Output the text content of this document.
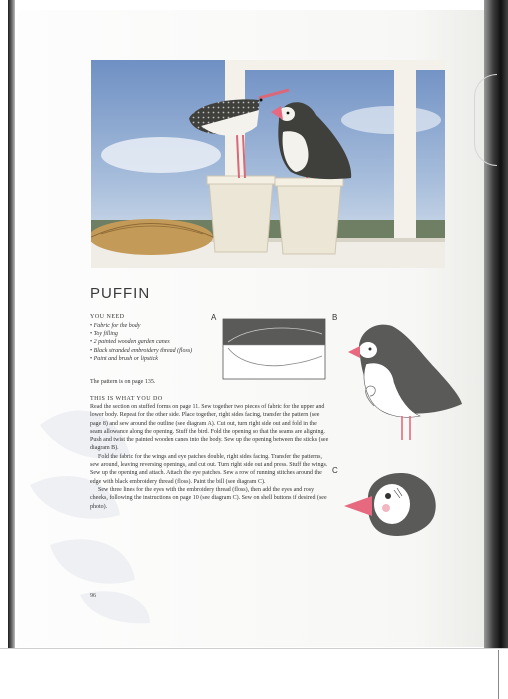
PUFFIN
YOU NEED
• Fabric for the body
• Toy filling
• 2 painted wooden garden canes
• Black stranded embroidery thread (floss)
• Paint and brush or lipstick
The pattern is on page 135.
THIS IS WHAT YOU DO

Read the section on stuffed forms on page 11. Sew together two pieces of fabric for the upper and lower body. Repeat for the other side. Place together, right sides facing, transfer the pattern (see page 8) and sew around the outline (see diagram A). Cut out, turn right side out and fold in the seam allowance along the opening. Stuff the bird. Fold the opening so that the seams are aligning. Push and twist the painted wooden canes into the body. Sew up the opening between the sticks (see diagram B).

Fold the fabric for the wings and eye patches double, right sides facing. Transfer the patterns, sew around, leaving reversing openings, and cut out. Turn right side out and press. Stuff the wings. Sew up the opening and attach. Attach the eye patches. Sew a row of running stitches around the edge with black embroidery thread (floss). Paint the bill (see diagram C).

Sew three lines for the eyes with the embroidery thread (floss), then add the eyes and rosy cheeks, following the instructions on page 10 (see diagram C). Sew on shell buttons if desired (see photo).

96
A	B
C
